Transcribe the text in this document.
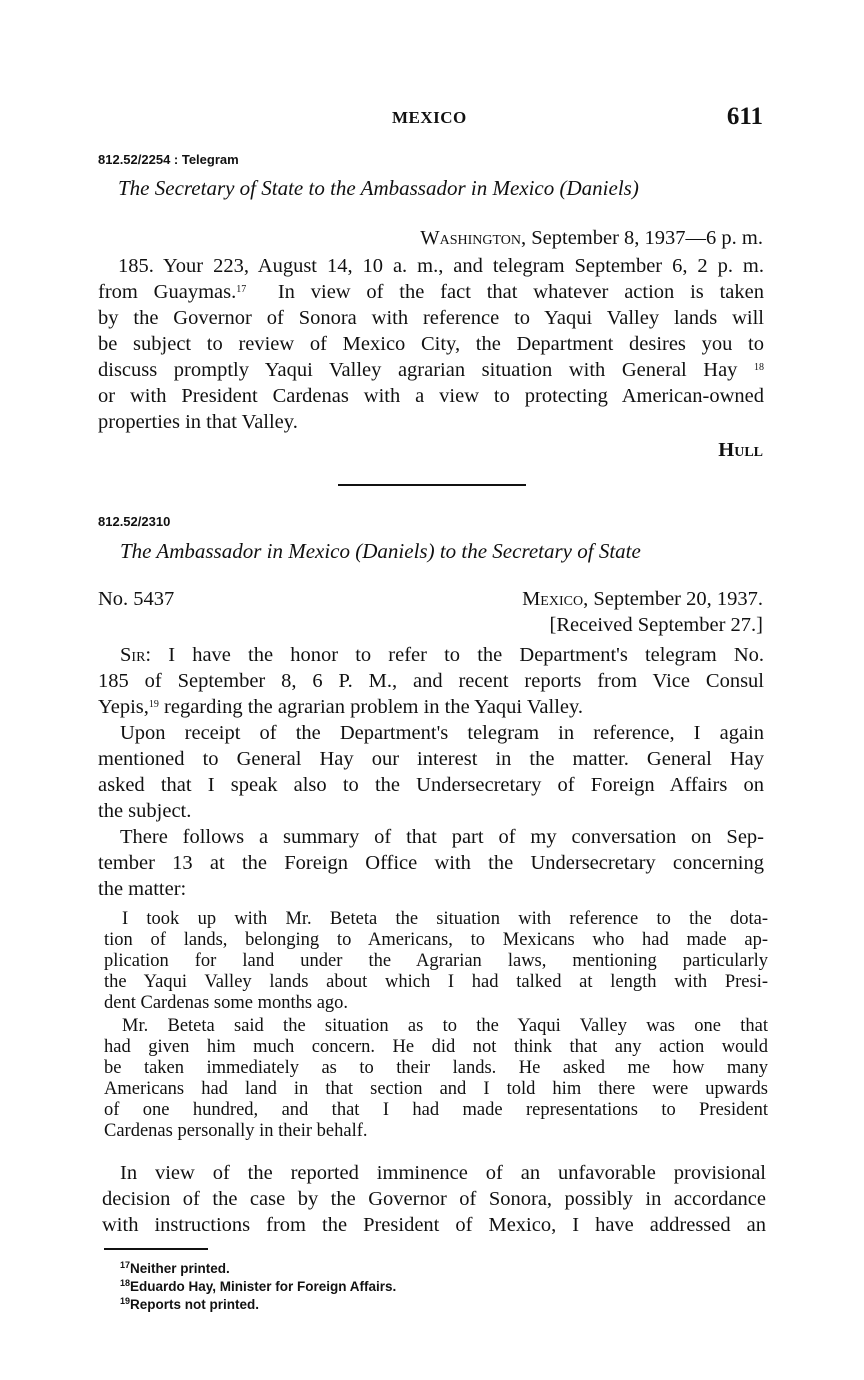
MEXICO	611
812.52/2254 : Telegram
The Secretary of State to the Ambassador in Mexico (Daniels)
Washington, September 8, 1937—6 p. m.
185. Your 223, August 14, 10 a. m., and telegram September 6, 2 p. m.
from Guaymas.$^{17}$ In view of the fact that whatever action is taken
by the Governor of Sonora with reference to Yaqui Valley lands will
be subject to review of Mexico City, the Department desires you to
discuss promptly Yaqui Valley agrarian situation with General Hay $^{18}$
or with President Cardenas with a view to protecting American-owned
properties in that Valley.
Hull
812.52/2310
The Ambassador in Mexico (Daniels) to the Secretary of State
No. 5437	Mexico, September 20, 1937.
[Received September 27.]
Sir: I have the honor to refer to the Department's telegram No.
185 of September 8, 6 P. M., and recent reports from Vice Consul
Yepis,$^{19}$ regarding the agrarian problem in the Yaqui Valley.
Upon receipt of the Department's telegram in reference, I again
mentioned to General Hay our interest in the matter. General Hay
asked that I speak also to the Undersecretary of Foreign Affairs on
the subject.
There follows a summary of that part of my conversation on Sep-
tember 13 at the Foreign Office with the Undersecretary concerning
the matter:
I took up with Mr. Beteta the situation with reference to the dota-
tion of lands, belonging to Americans, to Mexicans who had made ap-
plication for land under the Agrarian laws, mentioning particularly
the Yaqui Valley lands about which I had talked at length with Presi-
dent Cardenas some months ago.
Mr. Beteta said the situation as to the Yaqui Valley was one that
had given him much concern. He did not think that any action would
be taken immediately as to their lands. He asked me how many
Americans had land in that section and I told him there were upwards
of one hundred, and that I had made representations to President
Cardenas personally in their behalf.
In view of the reported imminence of an unfavorable provisional
decision of the case by the Governor of Sonora, possibly in accordance
with instructions from the President of Mexico, I have addressed an
$^{17}$Neither printed.
$^{18}$Eduardo Hay, Minister for Foreign Affairs.
$^{19}$Reports not printed.
